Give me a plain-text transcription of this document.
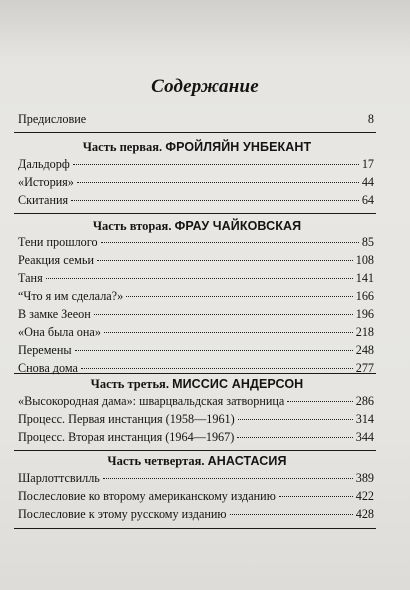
Содержание
Предисловие	8
Часть первая. ФРОЙЛЯЙН УНБЕКАНТ
Дальдорф	17
«История»	44
Скитания	64
Часть вторая. ФРАУ ЧАЙКОВСКАЯ
Тени прошлого	85
Реакция семьи	108
Таня	141
“Что я им сделала?»	166
В замке Зеeон	196
«Она была она»	218
Перемены	248
Снова дома	277
Часть третья. МИССИС АНДЕРСОН
«Высокородная дама»: шварцвальдская затворница	286
Процесс. Первая инстанция (1958—1961)	314
Процесс. Вторая инстанция (1964—1967)	344
Часть четвертая. АНАСТАСИЯ
Шарлоттсвилль	389
Послесловие ко второму американскому изданию	422
Послесловие к этому русскому изданию	428
